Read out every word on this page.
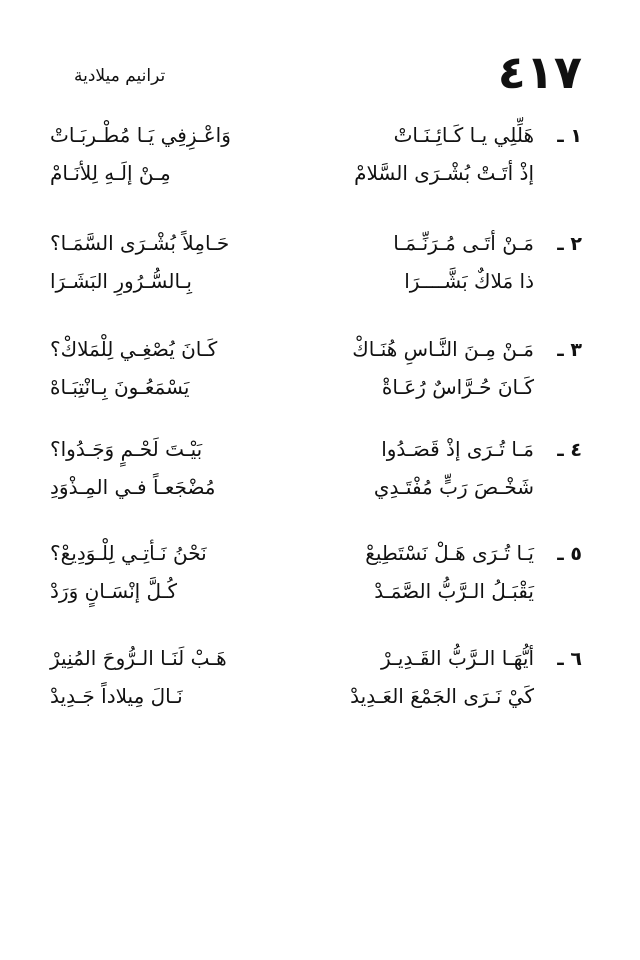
٤١٧
ترانيم ميلادية
١ ـ
هَلِّلِي يـا كَـائِـنَـاتْ
وَاعْـزِفِي يَـا مُطْـربَـاتْ
إذْ أتَـتْ بُشْـرَى السَّلامْ
مِـنْ إلَـهِ لِلأنَـامْ
٢ ـ
مَـنْ أتَـى مُـرَنِّـمَـا
حَـامِلاً بُشْـرَى السَّمَـا؟
ذا مَلاكٌ بَشَّــــرَا
بِـالسُّـرُورِ البَشَـرَا
٣ ـ
مَـنْ مِـنَ النَّـاسِ هُنَـاكْ
كَـانَ يُصْغِـي لِلْمَلاكْ؟
كَـانَ حُـرَّاسٌ رُعَـاةْ
يَسْمَعُـونَ بِـانْتِبَـاهْ
٤ ـ
مَـا تُـرَى إذْ قَصَـدُوا
بَيْـتَ لَحْـمٍ وَجَـدُوا؟
شَخْـصَ رَبٍّ مُفْتَـدِي
مُضْجَعـاً فـي المِـذْوَدِ
٥ ـ
يَـا تُـرَى هَـلْ نَسْتَطِيعْ
نَحْنُ نَـأتِـي لِلْـوَدِيعْ؟
يَقْبَـلُ الـرَّبُّ الصَّمَـدْ
كُـلَّ إنْسَـانٍ وَرَدْ
٦ ـ
أيُّهَـا الـرَّبُّ القَـدِيـرْ
هَـبْ لَنَـا الـرُّوحَ المُنِيرْ
كَيْ نَـرَى الجَمْعَ العَـدِيدْ
نَـالَ مِيلاداً جَـدِيدْ
